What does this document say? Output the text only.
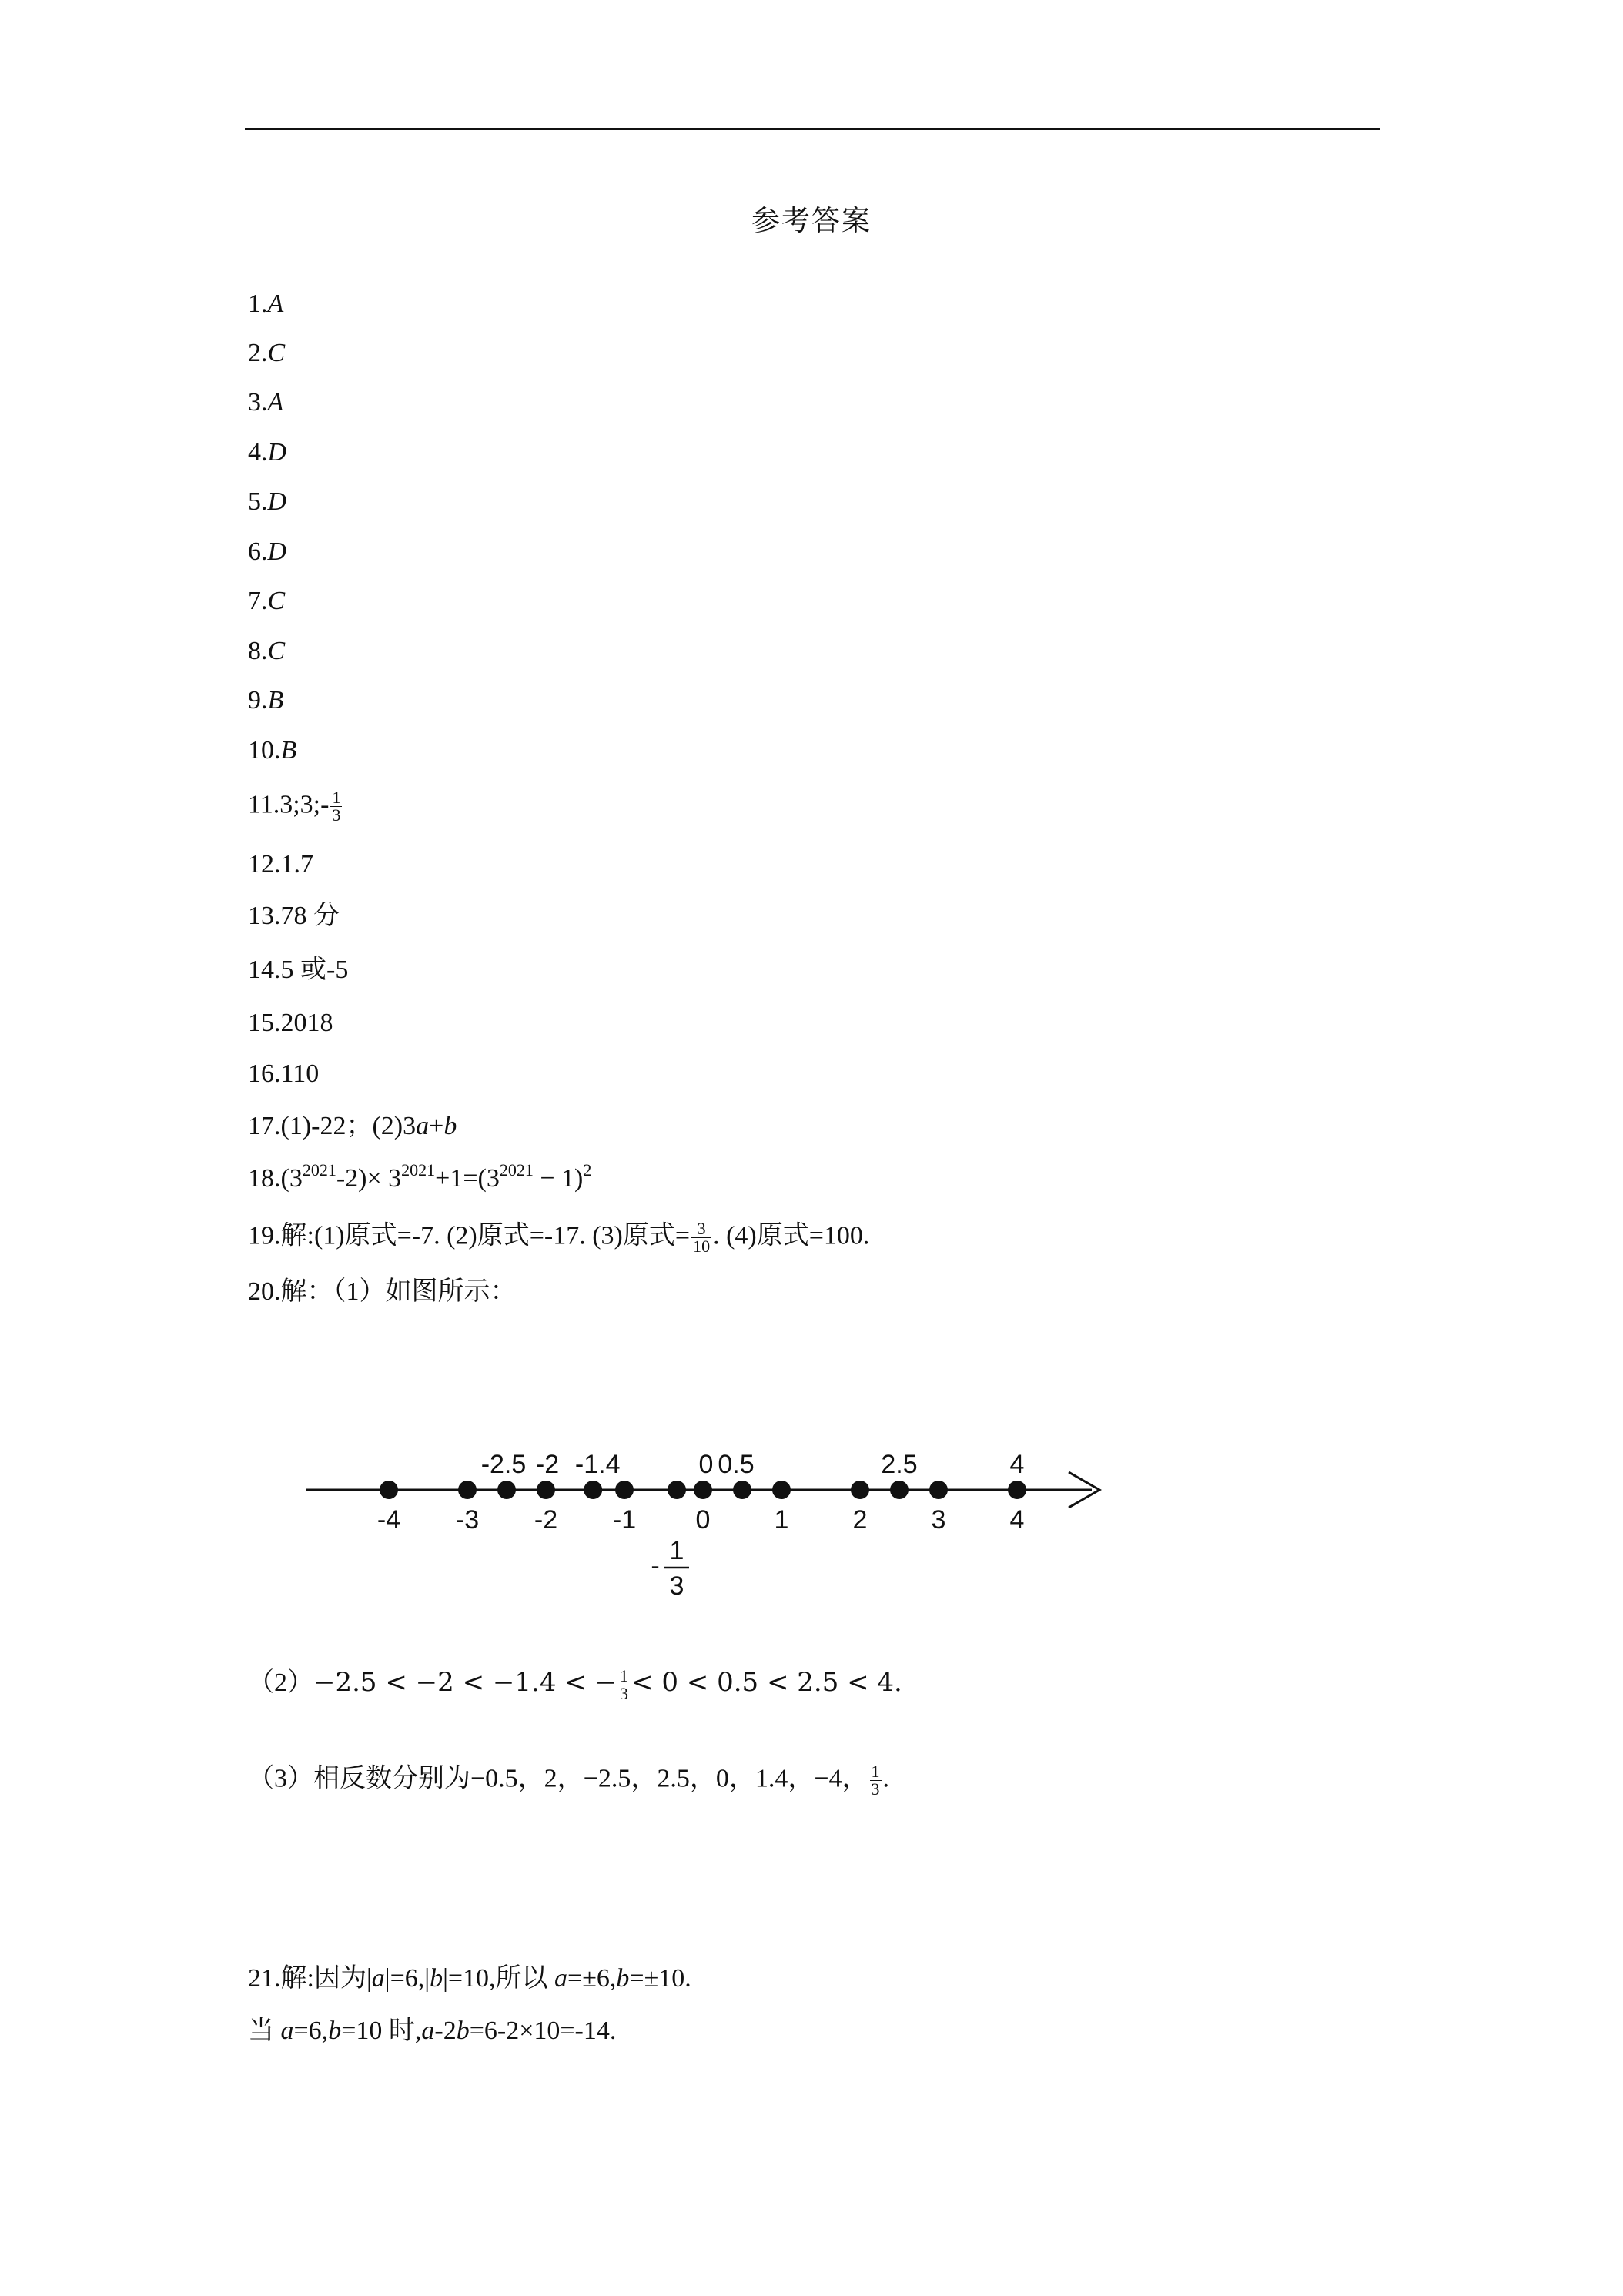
参考答案
1.A
2.C
3.A
4.D
5.D
6.D
7.C
8.C
9.B
10.B
11.3;3;- $\frac{1}{3}$
12.1.7
13.78 分
14.5 或-5
15.2018
16.110
17.(1)-22；(2)3a+b
$18.(3^{2021}-2)\times 3^{2021}+1=(3^{2021} - 1)^2$
19.解:(1)原式=-7. (2)原式=-17. (3)原式= $\frac{3}{10}$ . (4)原式=100.
20.解：（1）如图所示：
-4 -3 -2 -1 0 1 2 3 4
-2.5 -2 -1.4	0.5
0	2.5	4
-
1
3
（2）−2.5 < −2 < −1.4 < − $\frac{1}{3} < 0 < 0.5 < 2.5 < 4$.
（3）相反数分别为−0.5，2，−2.5，2.5，0，1.4，−4， $\frac{1}{3}$ .
21.解:因为|a|=6,|b|=10,所以 a=±6,b=±10.
当 a=6,b=10 时,a-2b=6-2×10=-14.
